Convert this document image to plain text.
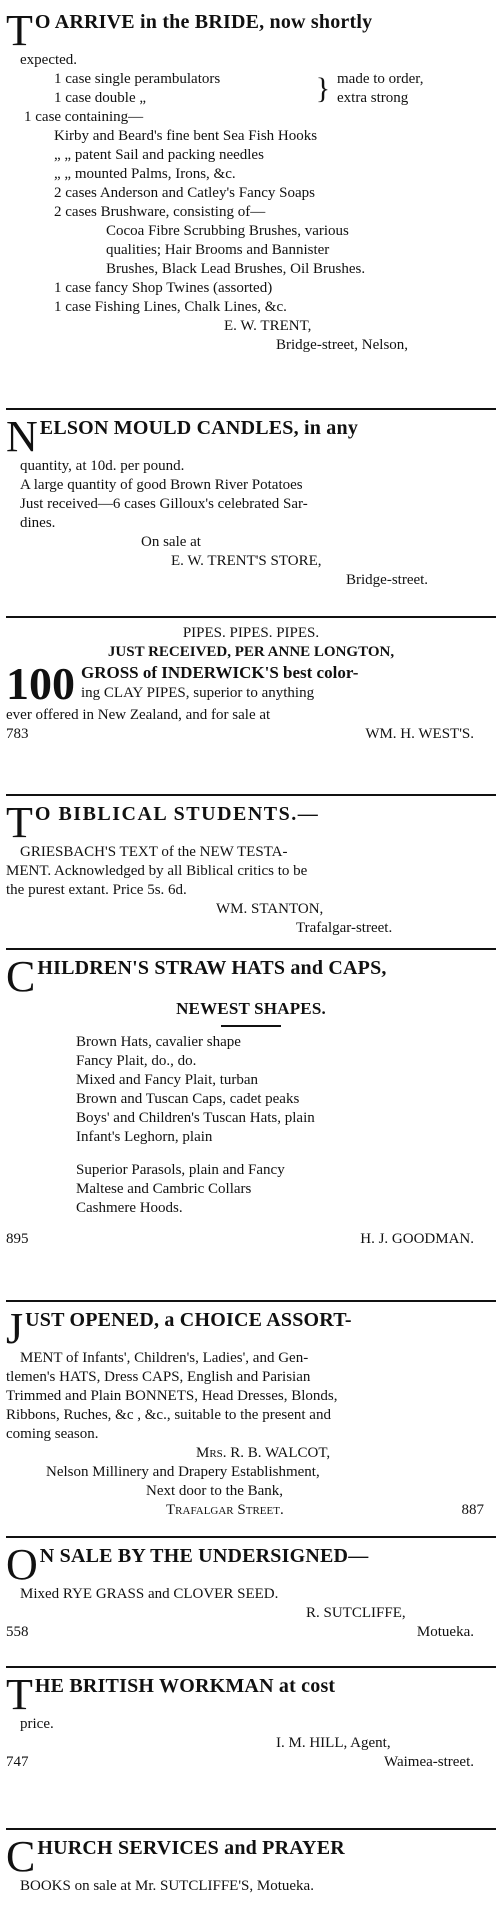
T O ARRIVE in the BRIDE, now shortly
expected.
1 case single perambulators
1 case double „	} made to order,
extra strong
1 case containing—
Kirby and Beard's fine bent Sea Fish Hooks
„ „ patent Sail and packing needles
„ „ mounted Palms, Irons, &c.
2 cases Anderson and Catley's Fancy Soaps
2 cases Brushware, consisting of—
Cocoa Fibre Scrubbing Brushes, various
qualities; Hair Brooms and Bannister
Brushes, Black Lead Brushes, Oil Brushes.
1 case fancy Shop Twines (assorted)
1 case Fishing Lines, Chalk Lines, &c.
E. W. TRENT,
Bridge-street, Nelson,
NELSON MOULD CANDLES, in any
quantity, at 10d. per pound.
A large quantity of good Brown River Potatoes
Just received—6 cases Gilloux's celebrated Sar-
dines.
On sale at
E. W. TRENT'S STORE,
Bridge-street.
PIPES. PIPES. PIPES.
JUST RECEIVED, PER ANNE LONGTON,
100 GROSS of INDERWICK'S best color-
ing CLAY PIPES, superior to anything
ever offered in New Zealand, and for sale at
783	WM. H. WEST'S.
T O BIBLICAL STUDENTS.—
GRIESBACH'S TEXT of the NEW TESTA-
MENT. Acknowledged by all Biblical critics to be
the purest extant. Price 5s. 6d.
WM. STANTON,
Trafalgar-street.
CHILDREN'S STRAW HATS and CAPS,
NEWEST SHAPES.
Brown Hats, cavalier shape
Fancy Plait, do., do.
Mixed and Fancy Plait, turban
Brown and Tuscan Caps, cadet peaks
Boys' and Children's Tuscan Hats, plain
Infant's Leghorn, plain
Superior Parasols, plain and Fancy
Maltese and Cambric Collars
Cashmere Hoods.
895	H. J. GOODMAN.
JUST OPENED, a CHOICE ASSORT-
MENT of Infants', Children's, Ladies', and Gen-
tlemen's HATS, Dress CAPS, English and Parisian
Trimmed and Plain BONNETS, Head Dresses, Blonds,
Ribbons, Ruches, &c , &c., suitable to the present and
coming season.
Mrs. R. B. WALCOT,
Nelson Millinery and Drapery Establishment,
Next door to the Bank,
Trafalgar Street.	887
O N SALE BY THE UNDERSIGNED—
Mixed RYE GRASS and CLOVER SEED.
R. SUTCLIFFE,
558	Motueka.
THE BRITISH WORKMAN at cost
price.
I. M. HILL, Agent,
747	Waimea-street.
CHURCH SERVICES and PRAYER
BOOKS on sale at Mr. SUTCLIFFE'S, Motueka.
